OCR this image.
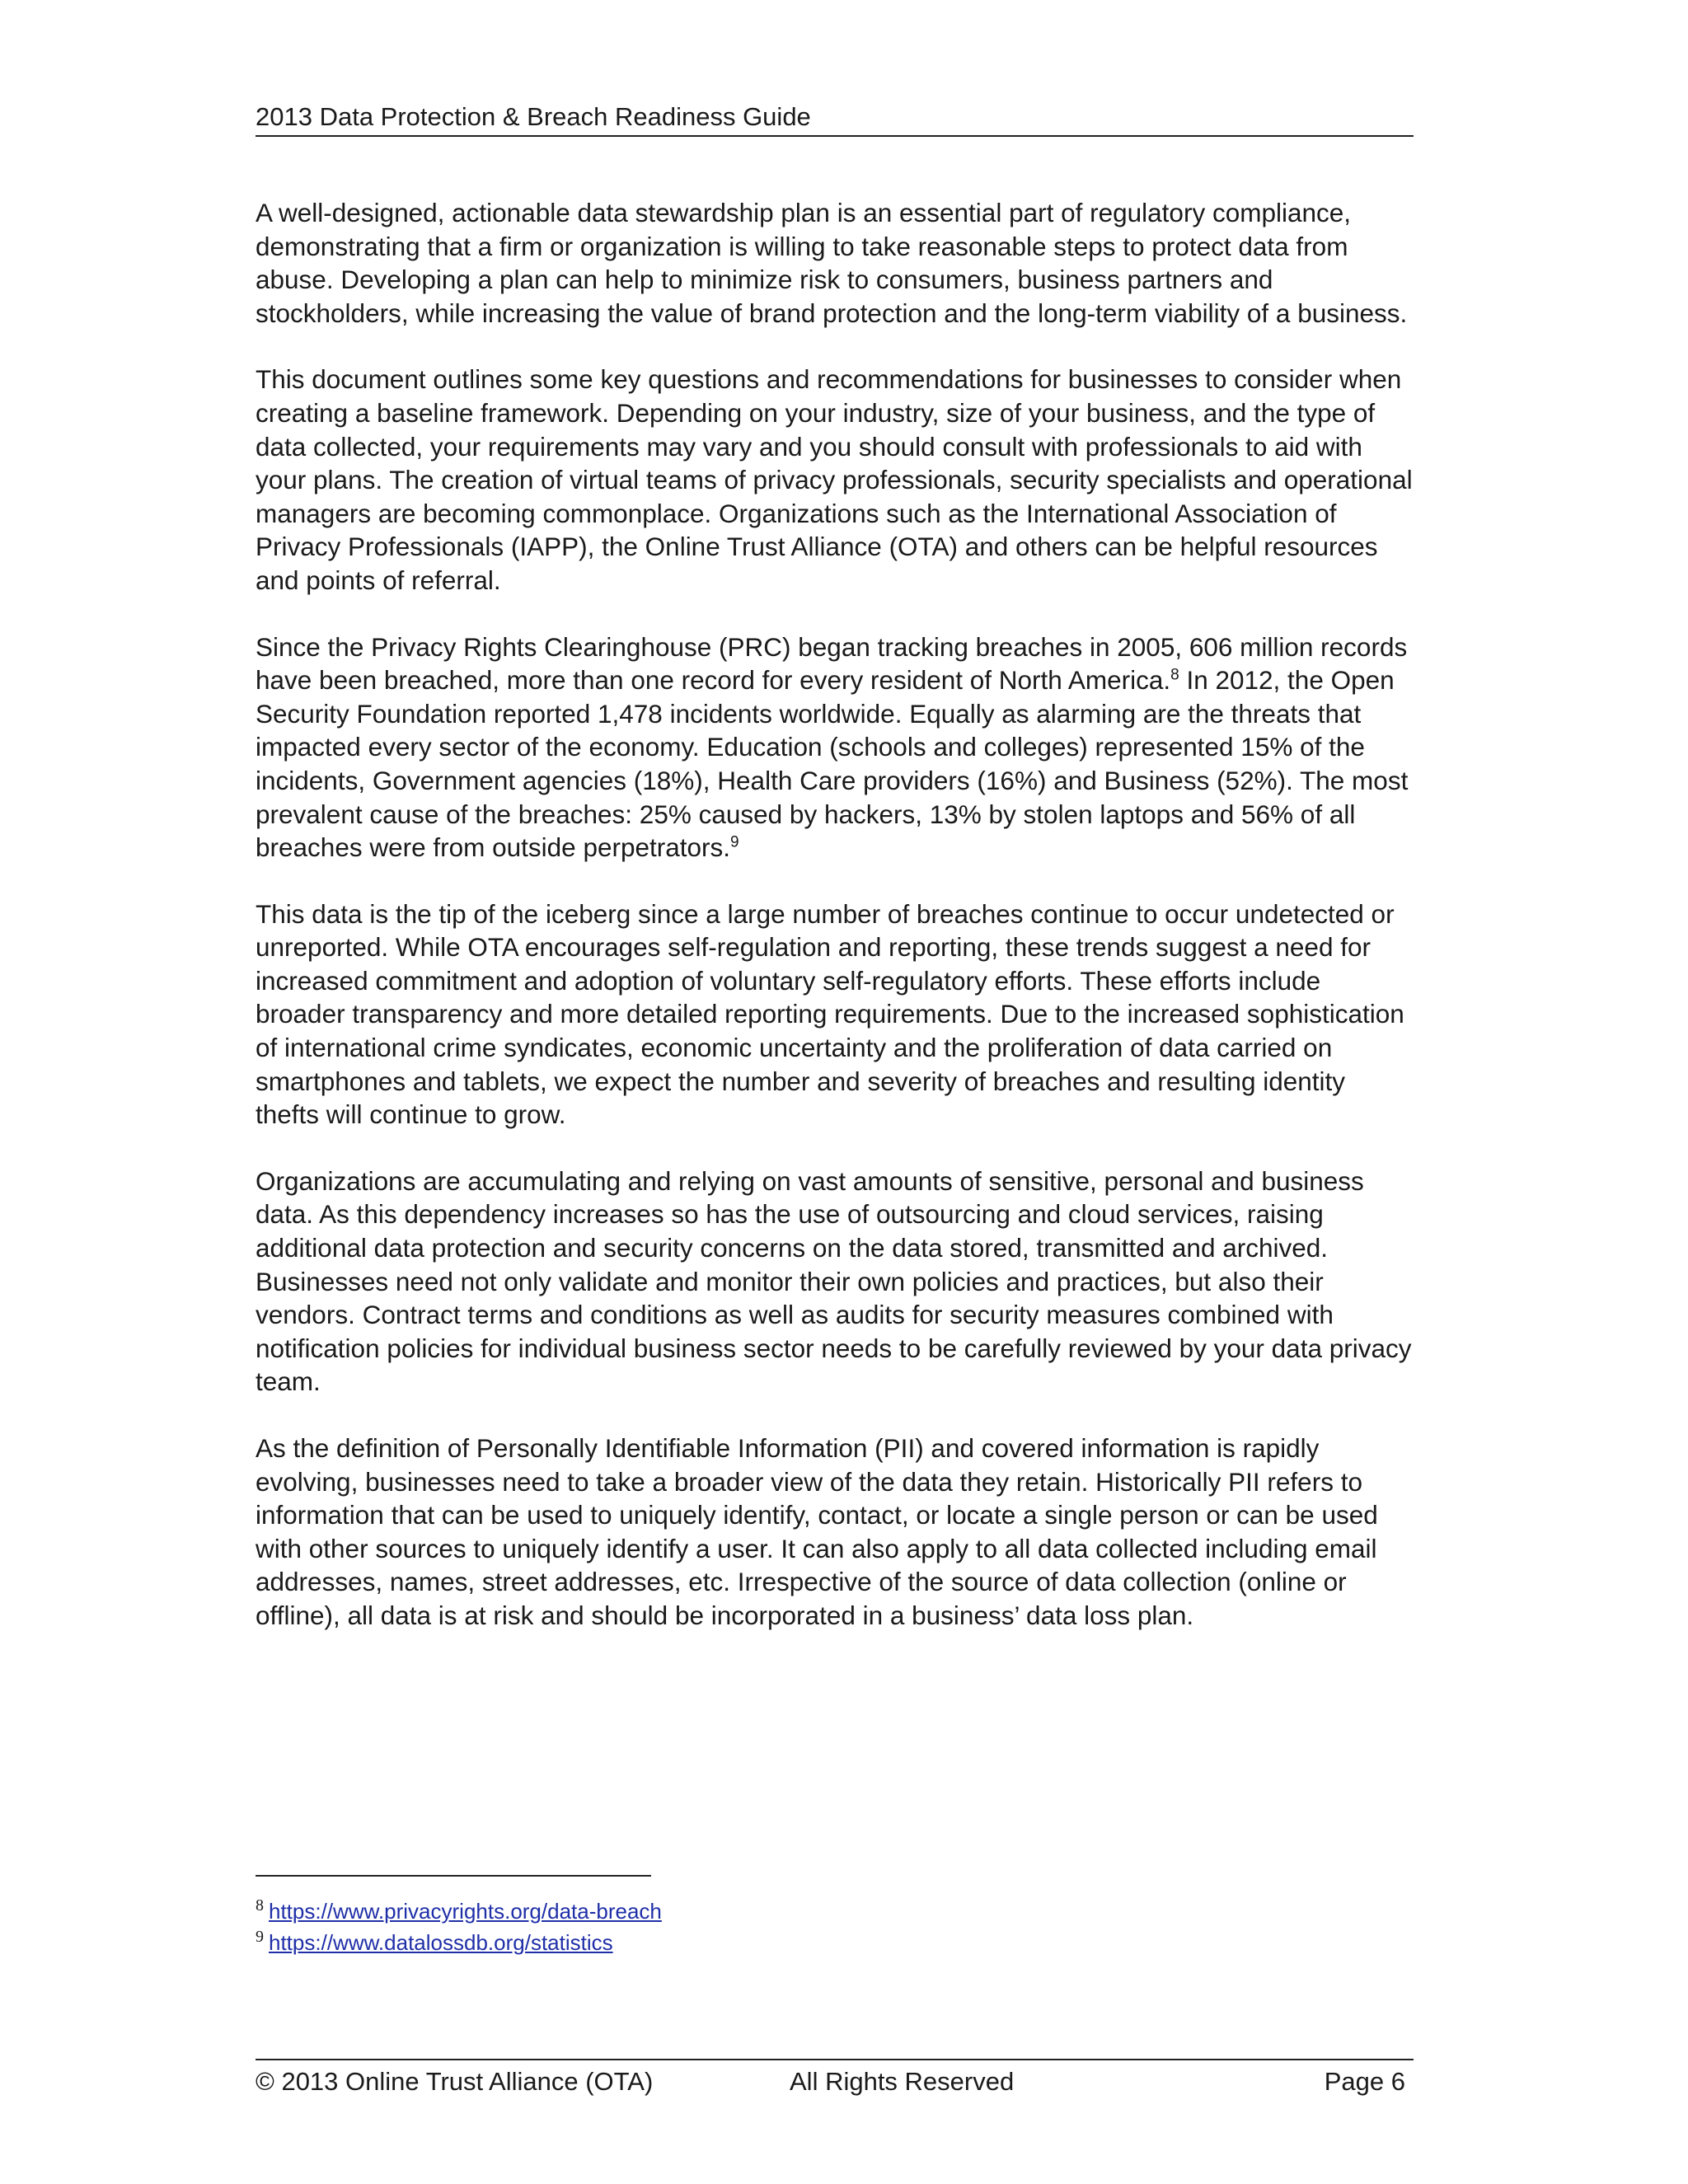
2013 Data Protection & Breach Readiness Guide

A well-designed, actionable data stewardship plan is an essential part of regulatory compliance, demonstrating that a firm or organization is willing to take reasonable steps to protect data from abuse. Developing a plan can help to minimize risk to consumers, business partners and stockholders, while increasing the value of brand protection and the long-term viability of a business.

This document outlines some key questions and recommendations for businesses to consider when creating a baseline framework. Depending on your industry, size of your business, and the type of data collected, your requirements may vary and you should consult with professionals to aid with your plans. The creation of virtual teams of privacy professionals, security specialists and operational managers are becoming commonplace. Organizations such as the International Association of Privacy Professionals (IAPP), the Online Trust Alliance (OTA) and others can be helpful resources and points of referral.

Since the Privacy Rights Clearinghouse (PRC) began tracking breaches in 2005, 606 million records have been breached, more than one record for every resident of North America.$^8$ In 2012, the Open Security Foundation reported 1,478 incidents worldwide. Equally as alarming are the threats that impacted every sector of the economy. Education (schools and colleges) represented 15% of the incidents, Government agencies (18%), Health Care providers (16%) and Business (52%). The most prevalent cause of the breaches: 25% caused by hackers, 13% by stolen laptops and 56% of all breaches were from outside perpetrators.$^9$

This data is the tip of the iceberg since a large number of breaches continue to occur undetected or unreported. While OTA encourages self-regulation and reporting, these trends suggest a need for increased commitment and adoption of voluntary self-regulatory efforts. These efforts include broader transparency and more detailed reporting requirements. Due to the increased sophistication of international crime syndicates, economic uncertainty and the proliferation of data carried on smartphones and tablets, we expect the number and severity of breaches and resulting identity thefts will continue to grow.

Organizations are accumulating and relying on vast amounts of sensitive, personal and business data. As this dependency increases so has the use of outsourcing and cloud services, raising additional data protection and security concerns on the data stored, transmitted and archived. Businesses need not only validate and monitor their own policies and practices, but also their vendors. Contract terms and conditions as well as audits for security measures combined with notification policies for individual business sector needs to be carefully reviewed by your data privacy team.

As the definition of Personally Identifiable Information (PII) and covered information is rapidly evolving, businesses need to take a broader view of the data they retain. Historically PII refers to information that can be used to uniquely identify, contact, or locate a single person or can be used with other sources to uniquely identify a user. It can also apply to all data collected including email addresses, names, street addresses, etc. Irrespective of the source of data collection (online or offline), all data is at risk and should be incorporated in a business’ data loss plan.

$^8$ https://www.privacyrights.org/data-breach
$^9$ https://www.datalossdb.org/statistics
© 2013 Online Trust Alliance (OTA)	All Rights Reserved	Page 6
